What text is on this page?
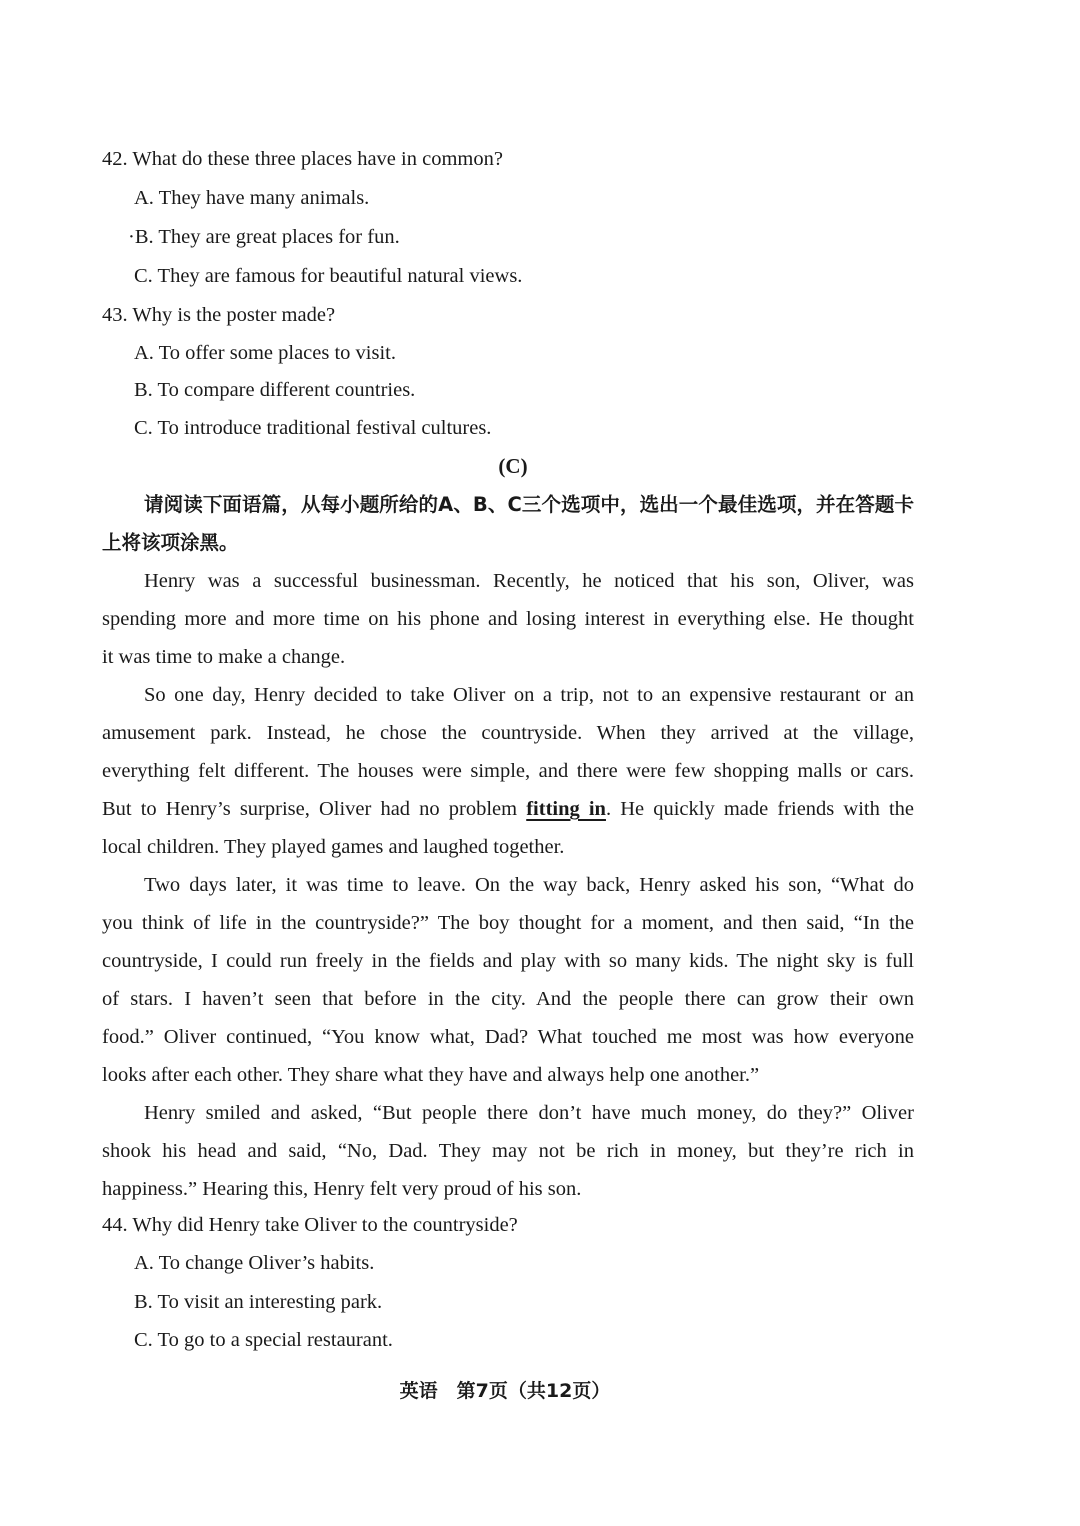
42. What do these three places have in common?
A. They have many animals.
·B. They are great places for fun.
C. They are famous for beautiful natural views.
43. Why is the poster made?
A. To offer some places to visit.
B. To compare different countries.
C. To introduce traditional festival cultures.
(C)
请阅读下面语篇，从每小题所给的A、B、C三个选项中，选出一个最佳选项，并在答题卡上将该项涂黑。
Henry was a successful businessman. Recently, he noticed that his son, Oliver, was
spending more and more time on his phone and losing interest in everything else. He thought
it was time to make a change.
So one day, Henry decided to take Oliver on a trip, not to an expensive restaurant or an
amusement park. Instead, he chose the countryside. When they arrived at the village,
everything felt different. The houses were simple, and there were few shopping malls or cars.
But to Henry’s surprise, Oliver had no problem fitting in. He quickly made friends with the
local children. They played games and laughed together.
Two days later, it was time to leave. On the way back, Henry asked his son, “What do
you think of life in the countryside?” The boy thought for a moment, and then said, “In the
countryside, I could run freely in the fields and play with so many kids. The night sky is full
of stars. I haven’t seen that before in the city. And the people there can grow their own
food.” Oliver continued, “You know what, Dad? What touched me most was how everyone
looks after each other. They share what they have and always help one another.”
Henry smiled and asked, “But people there don’t have much money, do they?” Oliver
shook his head and said, “No, Dad. They may not be rich in money, but they’re rich in
happiness.” Hearing this, Henry felt very proud of his son.
44. Why did Henry take Oliver to the countryside?
A. To change Oliver’s habits.
B. To visit an interesting park.
C. To go to a special restaurant.
英语　第7页（共12页）
